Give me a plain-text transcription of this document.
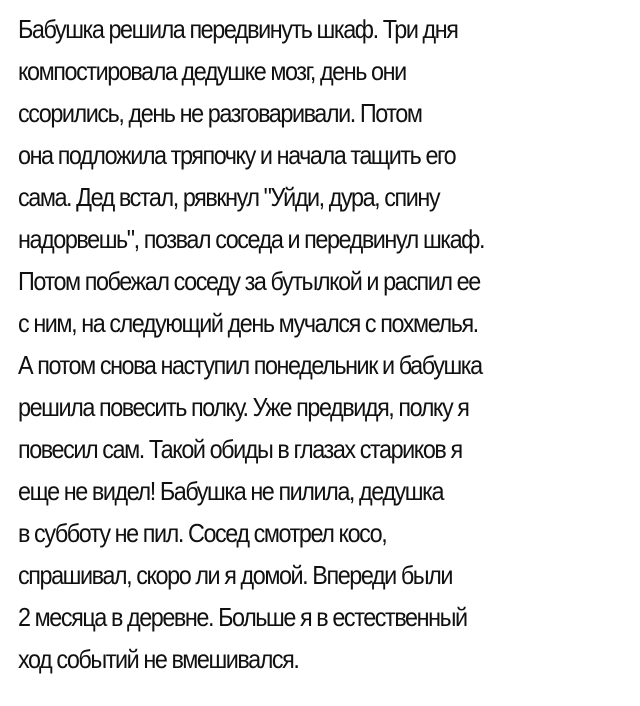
Бабушка решила передвинуть шкаф. Три дня
компостировала дедушке мозг, день они
ссорились, день не разговаривали. Потом
она подложила тряпочку и начала тащить его
сама. Дед встал, рявкнул "Уйди, дура, спину
надорвешь", позвал соседа и передвинул шкаф.
Потом побежал соседу за бутылкой и распил ее
с ним, на следующий день мучался с похмелья.
А потом снова наступил понедельник и бабушка
решила повесить полку. Уже предвидя, полку я
повесил сам. Такой обиды в глазах стариков я
еще не видел! Бабушка не пилила, дедушка
в субботу не пил. Сосед смотрел косо,
спрашивал, скоро ли я домой. Впереди были
2 месяца в деревне. Больше я в естественный
ход событий не вмешивался.
